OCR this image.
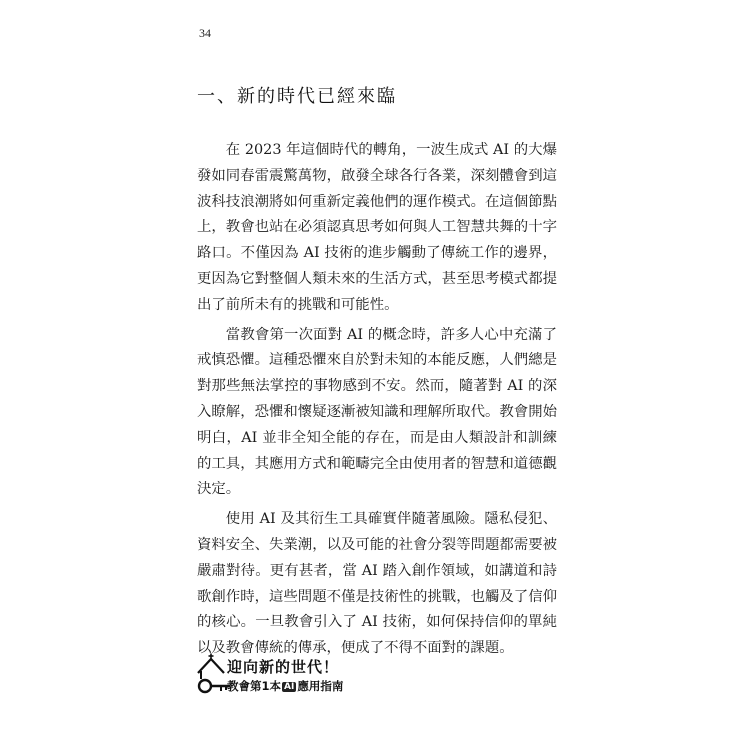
34
一、新的時代已經來臨

在 2023 年這個時代的轉角，一波生成式 AI 的大爆發如同春雷震驚萬物，啟發全球各行各業，深刻體會到這波科技浪潮將如何重新定義他們的運作模式。在這個節點上，教會也站在必須認真思考如何與人工智慧共舞的十字路口。不僅因為 AI 技術的進步觸動了傳統工作的邊界，更因為它對整個人類未來的生活方式，甚至思考模式都提出了前所未有的挑戰和可能性。

當教會第一次面對 AI 的概念時，許多人心中充滿了戒慎恐懼。這種恐懼來自於對未知的本能反應，人們總是對那些無法掌控的事物感到不安。然而，隨著對 AI 的深入瞭解，恐懼和懷疑逐漸被知識和理解所取代。教會開始明白，AI 並非全知全能的存在，而是由人類設計和訓練的工具，其應用方式和範疇完全由使用者的智慧和道德觀決定。

使用 AI 及其衍生工具確實伴隨著風險。隱私侵犯、資料安全、失業潮，以及可能的社會分裂等問題都需要被嚴肅對待。更有甚者，當 AI 踏入創作領域，如講道和詩歌創作時，這些問題不僅是技術性的挑戰，也觸及了信仰的核心。一旦教會引入了 AI 技術，如何保持信仰的單純以及教會傳統的傳承，便成了不得不面對的課題。

迎向新的世代！
教會第1本 AI 應用指南
